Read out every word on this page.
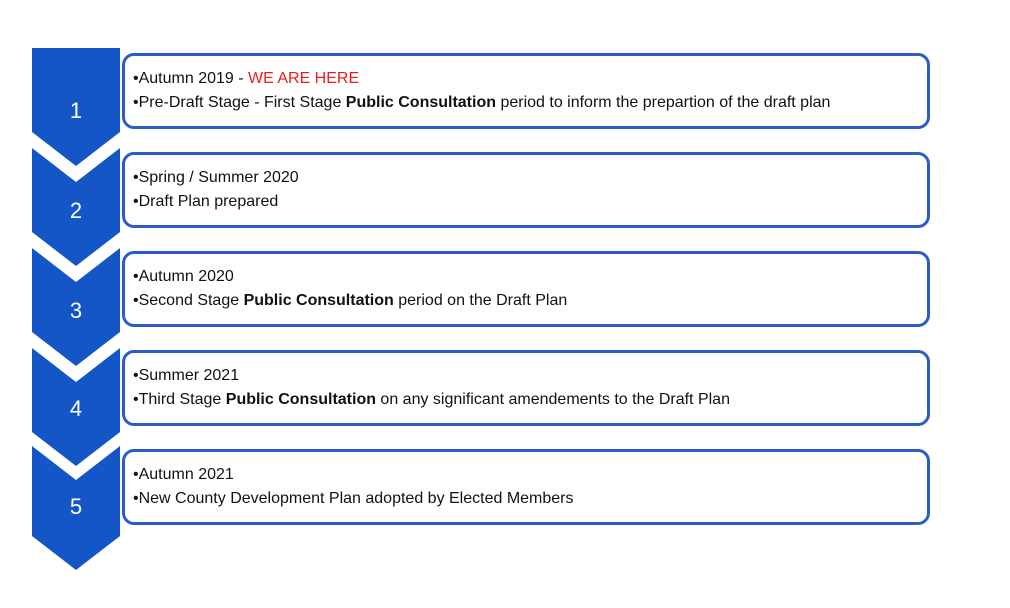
1
2
3
4
5
•Autumn 2019 - WE ARE HERE
•Pre-Draft Stage - First Stage Public Consultation period to inform the prepartion of the draft plan
•Spring / Summer 2020
•Draft Plan prepared
•Autumn 2020
•Second Stage Public Consultation period on the Draft Plan
•Summer 2021
•Third Stage Public Consultation on any significant amendements to the Draft Plan
•Autumn 2021
•New County Development Plan adopted by Elected Members
